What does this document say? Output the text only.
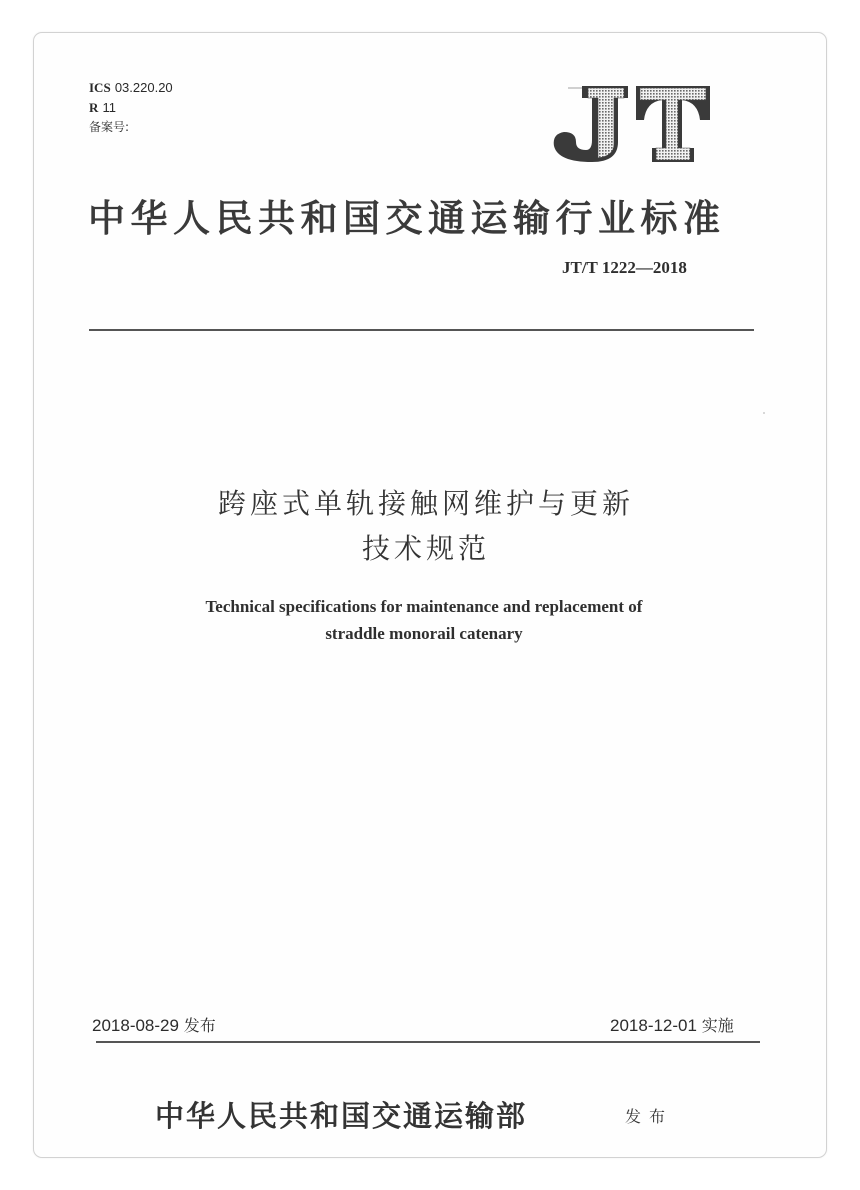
ICS 03.220.20
R 11
备案号:
中华人民共和国交通运输行业标准
JT/T 1222—2018
跨座式单轨接触网维护与更新
技术规范
Technical specifications for maintenance and replacement of
straddle monorail catenary
2018-08-29 发布	2018-12-01 实施
中华人民共和国交通运输部	发布
